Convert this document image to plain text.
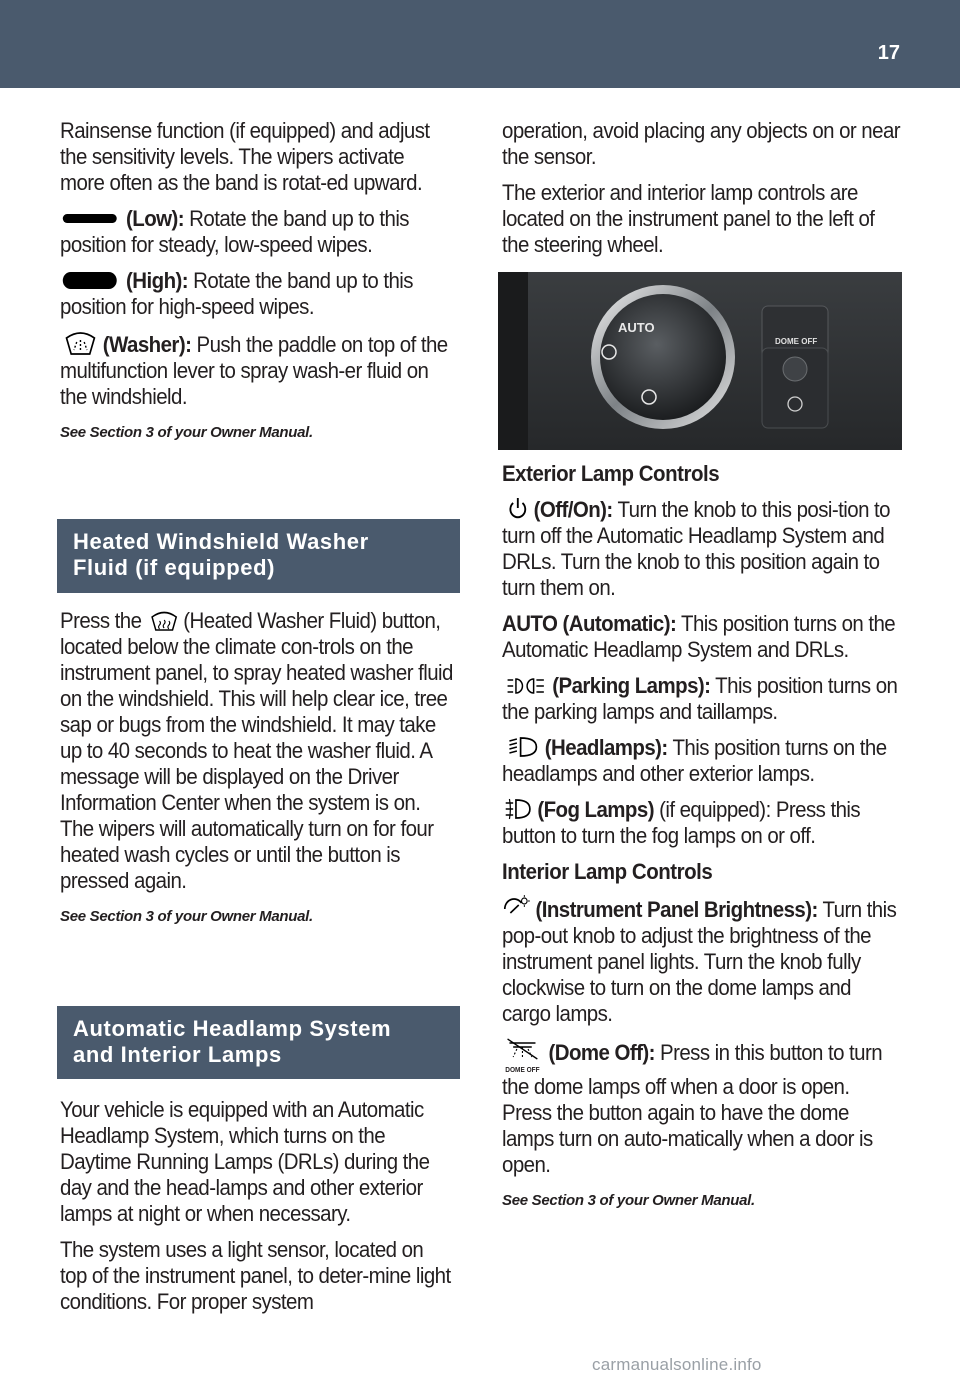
17

Rainsense function (if equipped) and adjust the sensitivity levels. The wipers activate more often as the band is rotat-ed upward.

(Low): Rotate the band up to this position for steady, low-speed wipes.

(High): Rotate the band up to this position for high-speed wipes.

(Washer): Push the paddle on top of the multifunction lever to spray wash-er fluid on the windshield.

See Section 3 of your Owner Manual.

Heated Windshield Washer
Fluid (if equipped)

Press the  (Heated Washer Fluid) button, located below the climate con-trols on the instrument panel, to spray heated washer fluid on the windshield. This will help clear ice, tree sap or bugs from the windshield. It may take up to 40 seconds to heat the washer fluid. A message will be displayed on the Driver Information Center when the system is on. The wipers will automatically turn on for four heated wash cycles or until the button is pressed again.

See Section 3 of your Owner Manual.

Automatic Headlamp System
and Interior Lamps

Your vehicle is equipped with an Automatic Headlamp System, which turns on the Daytime Running Lamps (DRLs) during the day and the head-lamps and other exterior lamps at night or when necessary.

The system uses a light sensor, located on top of the instrument panel, to deter-mine light conditions. For proper system

operation, avoid placing any objects on or near the sensor.

The exterior and interior lamp controls are located on the instrument panel to the left of the steering wheel.

AUTO
DOME OFF

Exterior Lamp Controls

(Off/On): Turn the knob to this posi-tion to turn off the Automatic Headlamp System and DRLs. Turn the knob to this position again to turn them on.

AUTO (Automatic): This position turns on the Automatic Headlamp System and DRLs.

(Parking Lamps): This position turns on the parking lamps and taillamps.

(Headlamps): This position turns on the headlamps and other exterior lamps.

(Fog Lamps) (if equipped): Press this button to turn the fog lamps on or off.

Interior Lamp Controls

(Instrument Panel Brightness): Turn this pop-out knob to adjust the brightness of the instrument panel lights. Turn the knob fully clockwise to turn on the dome lamps and cargo lamps.

DOME OFF
(Dome Off): Press in this button to turn the dome lamps off when a door is open. Press the button again to have the dome lamps turn on auto-matically when a door is open.

See Section 3 of your Owner Manual.

carmanualsonline.info
